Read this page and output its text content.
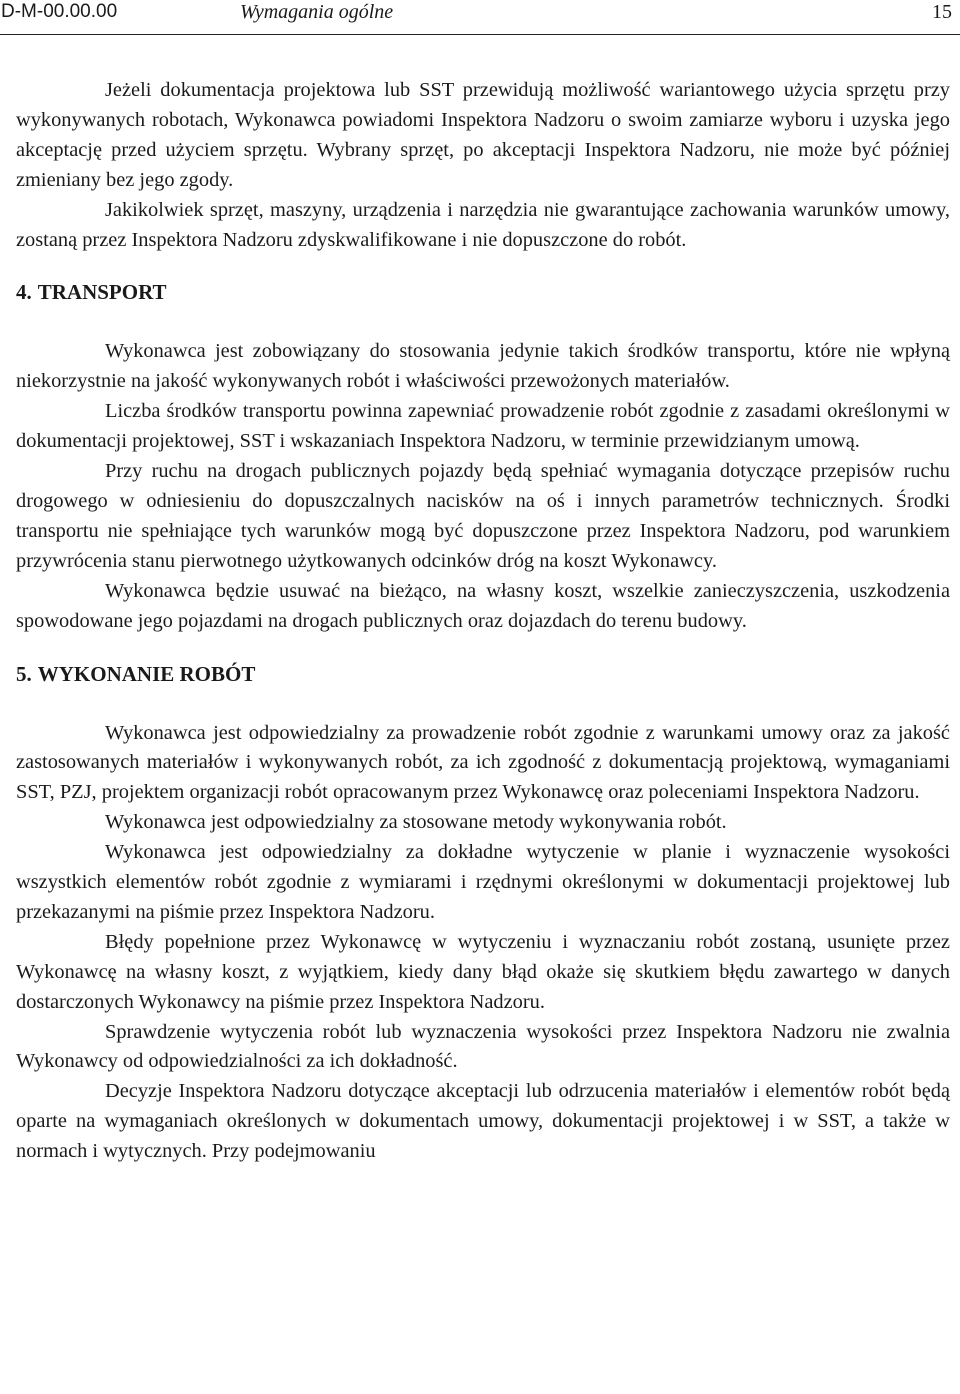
D-M-00.00.00	Wymagania ogólne	15

Jeżeli dokumentacja projektowa lub SST przewidują możliwość wariantowego użycia sprzętu przy wykonywanych robotach, Wykonawca powiadomi Inspektora Nadzoru o swoim zamiarze wyboru i uzyska jego akceptację przed użyciem sprzętu. Wybrany sprzęt, po akceptacji Inspektora Nadzoru, nie może być później zmieniany bez jego zgody.

Jakikolwiek sprzęt, maszyny, urządzenia i narzędzia nie gwarantujące zachowania warunków umowy, zostaną przez Inspektora Nadzoru zdyskwalifikowane i nie dopuszczone do robót.

4. TRANSPORT

Wykonawca jest zobowiązany do stosowania jedynie takich środków transportu, które nie wpłyną niekorzystnie na jakość wykonywanych robót i właściwości przewożonych materiałów.

Liczba środków transportu powinna zapewniać prowadzenie robót zgodnie z zasadami określonymi w dokumentacji projektowej, SST i wskazaniach Inspektora Nadzoru, w terminie przewidzianym umową.

Przy ruchu na drogach publicznych pojazdy będą spełniać wymagania dotyczące przepisów ruchu drogowego w odniesieniu do dopuszczalnych nacisków na oś i innych parametrów technicznych. Środki transportu nie spełniające tych warunków mogą być dopuszczone przez Inspektora Nadzoru, pod warunkiem przywrócenia stanu pierwotnego użytkowanych odcinków dróg na koszt Wykonawcy.

Wykonawca będzie usuwać na bieżąco, na własny koszt, wszelkie zanieczyszczenia, uszkodzenia spowodowane jego pojazdami na drogach publicznych oraz dojazdach do terenu budowy.

5. WYKONANIE ROBÓT

Wykonawca jest odpowiedzialny za prowadzenie robót zgodnie z warunkami umowy oraz za jakość zastosowanych materiałów i wykonywanych robót, za ich zgodność z dokumentacją projektową, wymaganiami SST, PZJ, projektem organizacji robót opracowanym przez Wykonawcę oraz poleceniami Inspektora Nadzoru.

Wykonawca jest odpowiedzialny za stosowane metody wykonywania robót.

Wykonawca jest odpowiedzialny za dokładne wytyczenie w planie i wyznaczenie wysokości wszystkich elementów robót zgodnie z wymiarami i rzędnymi określonymi w dokumentacji projektowej lub przekazanymi na piśmie przez Inspektora Nadzoru.

Błędy popełnione przez Wykonawcę w wytyczeniu i wyznaczaniu robót zostaną, usunięte przez Wykonawcę na własny koszt, z wyjątkiem, kiedy dany błąd okaże się skutkiem błędu zawartego w danych dostarczonych Wykonawcy na piśmie przez Inspektora Nadzoru.

Sprawdzenie wytyczenia robót lub wyznaczenia wysokości przez Inspektora Nadzoru nie zwalnia Wykonawcy od odpowiedzialności za ich dokładność.

Decyzje Inspektora Nadzoru dotyczące akceptacji lub odrzucenia materiałów i elementów robót będą oparte na wymaganiach określonych w dokumentach umowy, dokumentacji projektowej i w SST, a także w normach i wytycznych. Przy podejmowaniu
